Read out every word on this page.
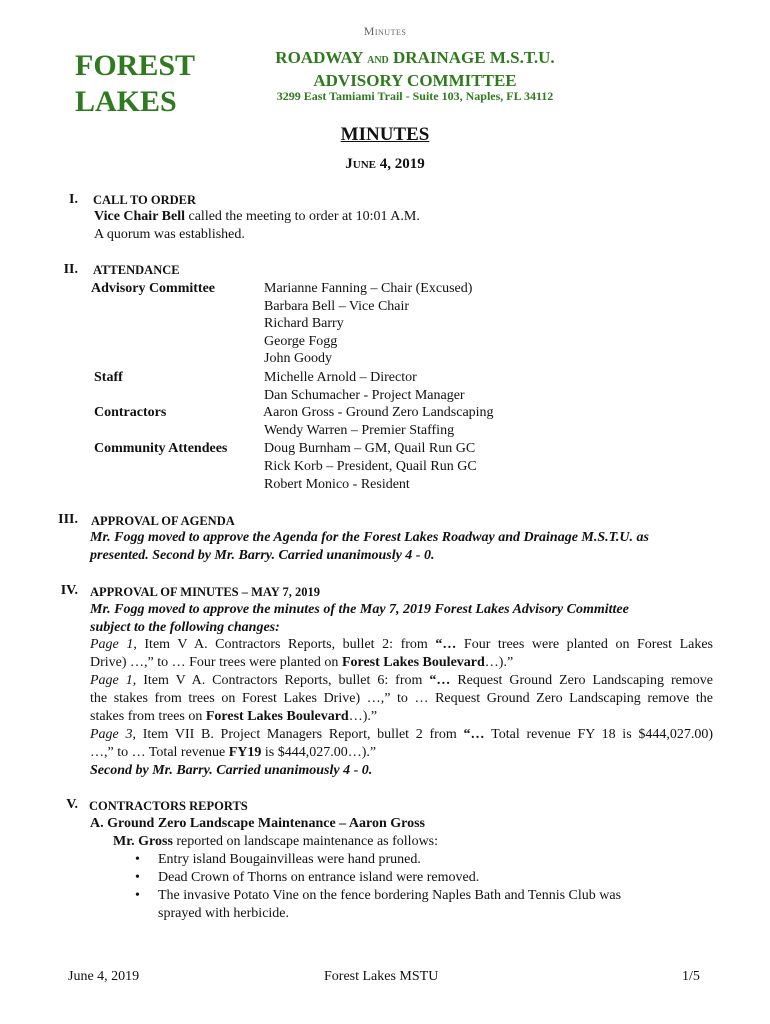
Minutes
FOREST
LAKES
ROADWAY AND DRAINAGE M.S.T.U.
ADVISORY COMMITTEE
3299 East Tamiami Trail - Suite 103, Naples, FL 34112
MINUTES
June 4, 2019
I. CALL TO ORDER
Vice Chair Bell called the meeting to order at 10:01 A.M.
A quorum was established.
II. ATTENDANCE
Advisory Committee	Marianne Fanning – Chair (Excused)
Barbara Bell – Vice Chair
Richard Barry
George Fogg
John Goody
Staff	Michelle Arnold – Director
Dan Schumacher - Project Manager
Contractors	Aaron Gross - Ground Zero Landscaping
Wendy Warren – Premier Staffing
Community Attendees	Doug Burnham – GM, Quail Run GC
Rick Korb – President, Quail Run GC
Robert Monico - Resident
III. APPROVAL OF AGENDA
Mr. Fogg moved to approve the Agenda for the Forest Lakes Roadway and Drainage M.S.T.U. as
presented. Second by Mr. Barry. Carried unanimously 4 - 0.
IV. APPROVAL OF MINUTES – MAY 7, 2019
Mr. Fogg moved to approve the minutes of the May 7, 2019 Forest Lakes Advisory Committee
subject to the following changes:
Page 1, Item V A. Contractors Reports, bullet 2: from “… Four trees were planted on Forest Lakes
Drive) …,” to … Four trees were planted on Forest Lakes Boulevard…).”
Page 1, Item V A. Contractors Reports, bullet 6: from “… Request Ground Zero Landscaping remove
the stakes from trees on Forest Lakes Drive) …,” to … Request Ground Zero Landscaping remove the
stakes from trees on Forest Lakes Boulevard…).”
Page 3, Item VII B. Project Managers Report, bullet 2 from “… Total revenue FY 18 is $444,027.00)
…,” to … Total revenue FY19 is $444,027.00…).”
Second by Mr. Barry. Carried unanimously 4 - 0.
V. CONTRACTORS REPORTS
A. Ground Zero Landscape Maintenance – Aaron Gross
Mr. Gross reported on landscape maintenance as follows:
• Entry island Bougainvilleas were hand pruned.
• Dead Crown of Thorns on entrance island were removed.
• The invasive Potato Vine on the fence bordering Naples Bath and Tennis Club was
sprayed with herbicide.
June 4, 2019	Forest Lakes MSTU	1/5
